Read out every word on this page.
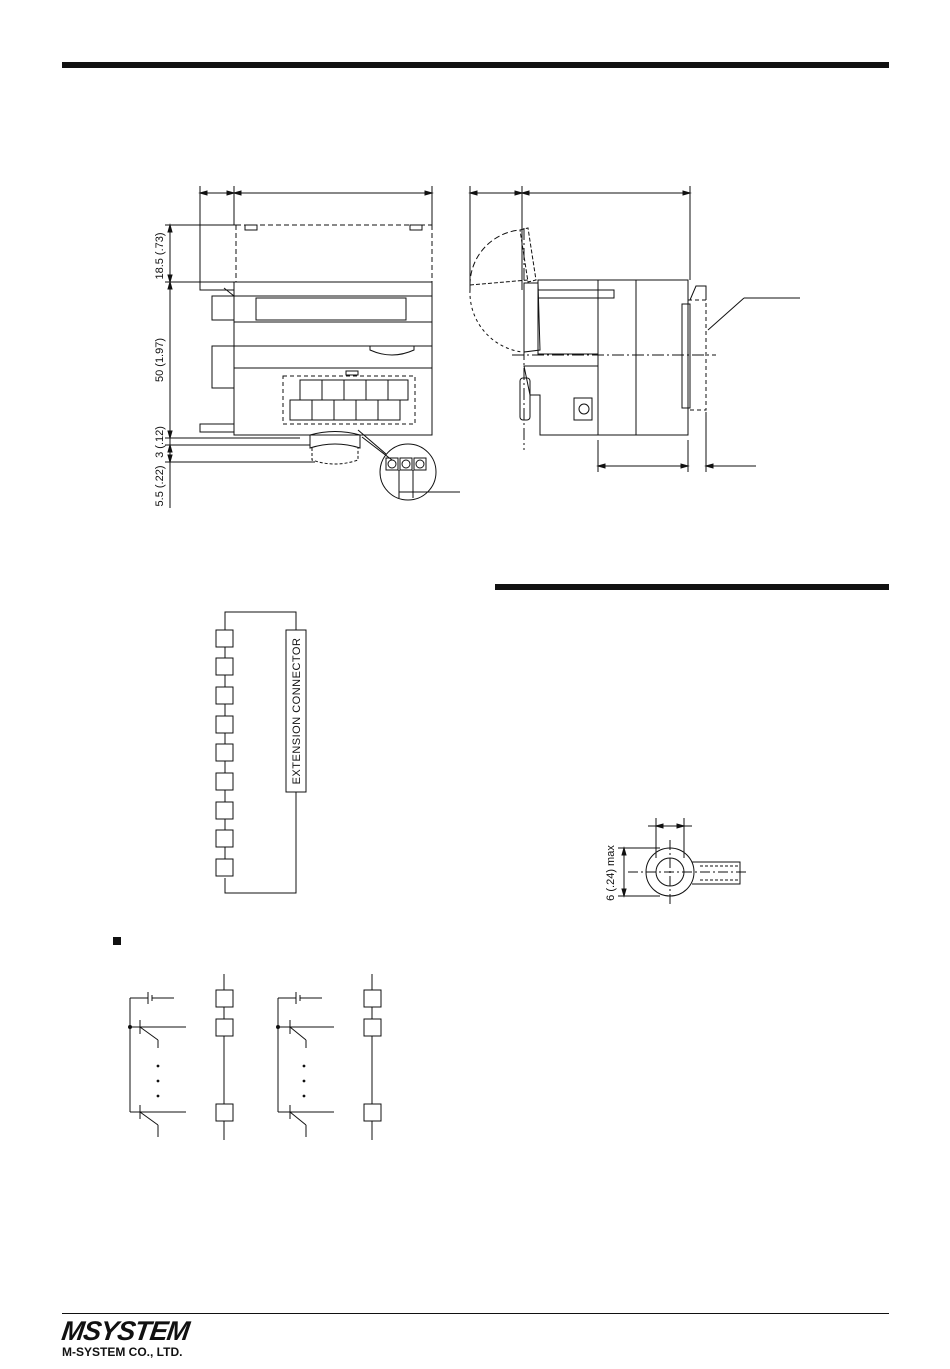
18.5 (.73)
50 (1.97)
3 (.12)
5.5 (.22)
6 (.24) max
EXTENSION CONNECTOR
MSYSTEM
M-SYSTEM CO., LTD.
